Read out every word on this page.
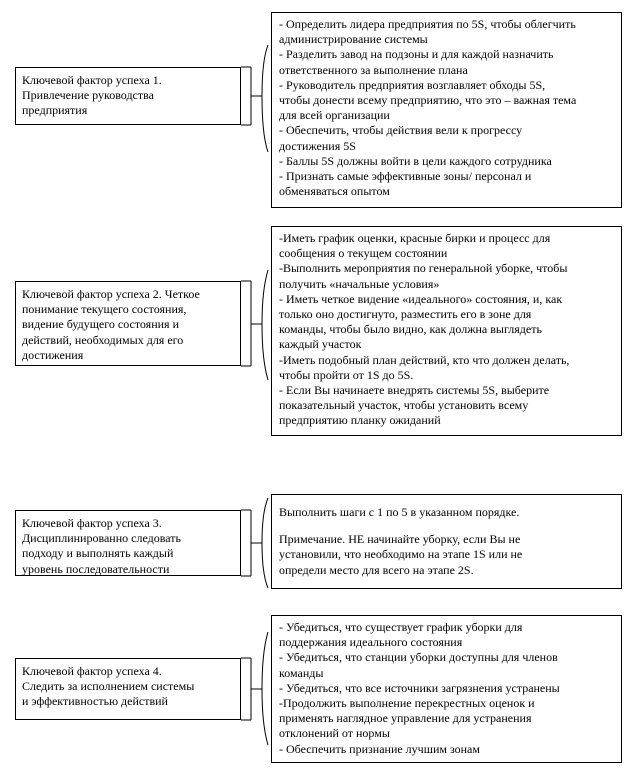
Ключевой фактор успеха 1.
Привлечение руководства
предприятия
- Определить лидера предприятия по 5S, чтобы облегчить
администрирование системы
- Разделить завод на подзоны и для каждой назначить
ответственного за выполнение плана
- Руководитель предприятия возглавляет обходы 5S,
чтобы донести всему предприятию, что это – важная тема
для всей организации
- Обеспечить, чтобы действия вели к прогрессу
достижения 5S
- Баллы 5S должны войти в цели каждого сотрудника
- Признать самые эффективные зоны/ персонал и
обменяваться опытом
Ключевой фактор успеха 2. Четкое
понимание текущего состояния,
видение будущего состояния и
действий, необходимых для его
достижения
-Иметь график оценки, красные бирки и процесс для
сообщения о текущем состоянии
-Выполнить мероприятия по генеральной уборке, чтобы
получить «начальные условия»
- Иметь четкое видение «идеального» состояния, и, как
только оно достигнуто, разместить его в зоне для
команды, чтобы было видно, как должна выглядеть
каждый участок
-Иметь подобный план действий, кто что должен делать,
чтобы пройти от 1S до 5S.
- Если Вы начинаете внедрять системы 5S, выберите
показательный участок, чтобы установить всему
предприятию планку ожиданий
Ключевой фактор успеха 3.
Дисциплинированно следовать
подходу и выполнять каждый
уровень последовательности
Выполнить шаги с 1 по 5 в указанном порядке.
Примечание. НЕ начинайте уборку, если Вы не
установили, что необходимо на этапе 1S или не
определи место для всего на этапе 2S.
Ключевой фактор успеха 4.
Следить за исполнением системы
и эффективностью действий
- Убедиться, что существует график уборки для
поддержания идеального состояния
- Убедиться, что станции уборки доступны для членов
команды
- Убедиться, что все источники загрязнения устранены
-Продолжить выполнение перекрестных оценок и
применять наглядное управление для устранения
отклонений от нормы
- Обеспечить признание лучшим зонам
